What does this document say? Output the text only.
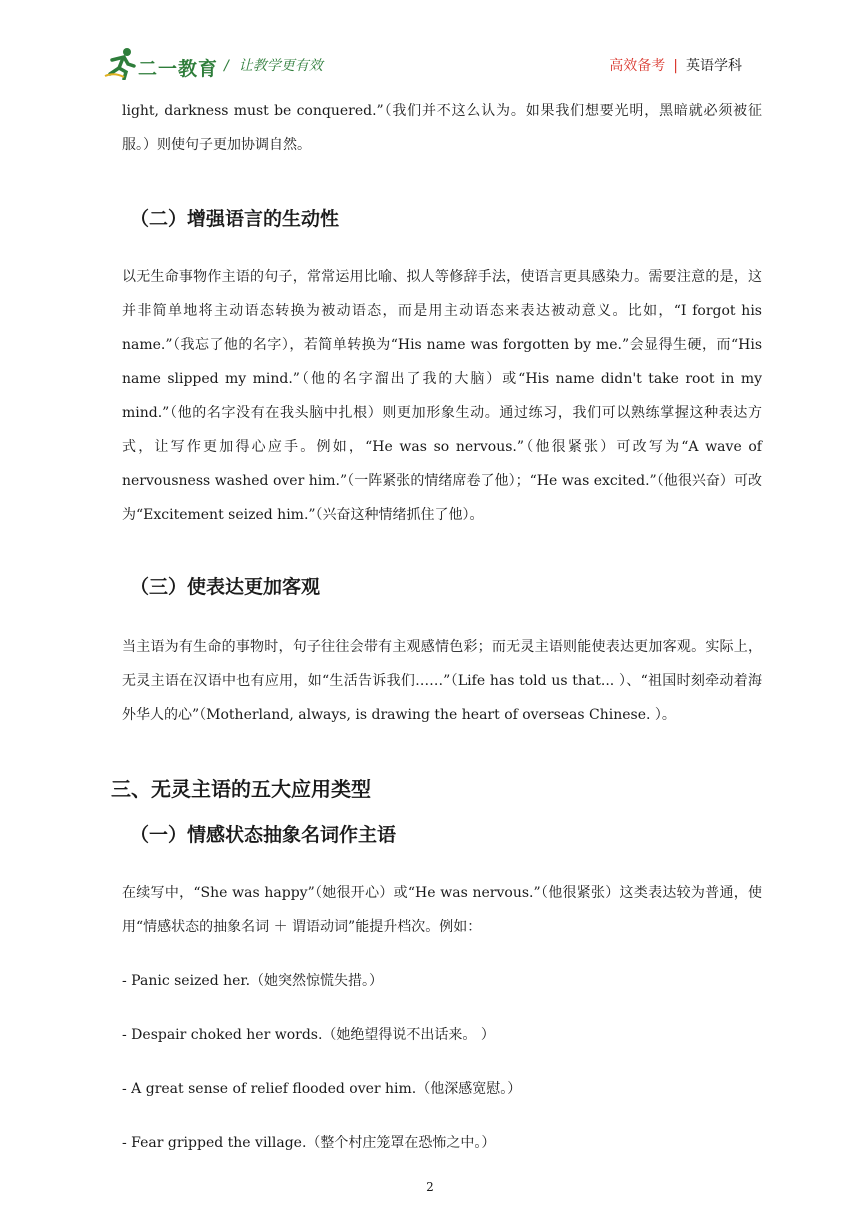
二一教育 / 让教学更有效	高效备考 | 英语学科

light, darkness must be conquered.”（我们并不这么认为。如果我们想要光明，黑暗就必须被征服。）则使句子更加协调自然。

（二）增强语言的生动性

以无生命事物作主语的句子，常常运用比喻、拟人等修辞手法，使语言更具感染力。需要注意的是，这并非简单地将主动语态转换为被动语态，而是用主动语态来表达被动意义。比如，“I forgot his name.”（我忘了他的名字），若简单转换为“His name was forgotten by me.”会显得生硬，而“His name slipped my mind.”（他的名字溜出了我的大脑）或“His name didn't take root in my mind.”（他的名字没有在我头脑中扎根）则更加形象生动。通过练习，我们可以熟练掌握这种表达方式，让写作更加得心应手。例如，“He was so nervous.”（他很紧张）可改写为“A wave of nervousness washed over him.”（一阵紧张的情绪席卷了他）；“He was excited.”（他很兴奋）可改为“Excitement seized him.”（兴奋这种情绪抓住了他）。

（三）使表达更加客观

当主语为有生命的事物时，句子往往会带有主观感情色彩；而无灵主语则能使表达更加客观。实际上，无灵主语在汉语中也有应用，如“生活告诉我们……”（Life has told us that... ）、“祖国时刻牵动着海外华人的心”（Motherland, always, is drawing the heart of overseas Chinese. ）。

三、无灵主语的五大应用类型
（一）情感状态抽象名词作主语

在续写中，“She was happy”（她很开心）或“He was nervous.”（他很紧张）这类表达较为普通，使用“情感状态的抽象名词 ＋ 谓语动词”能提升档次。例如：

- Panic seized her.（她突然惊慌失措。）

- Despair choked her words.（她绝望得说不出话来。 ）

- A great sense of relief flooded over him.（他深感宽慰。）

- Fear gripped the village.（整个村庄笼罩在恐怖之中。）

2
